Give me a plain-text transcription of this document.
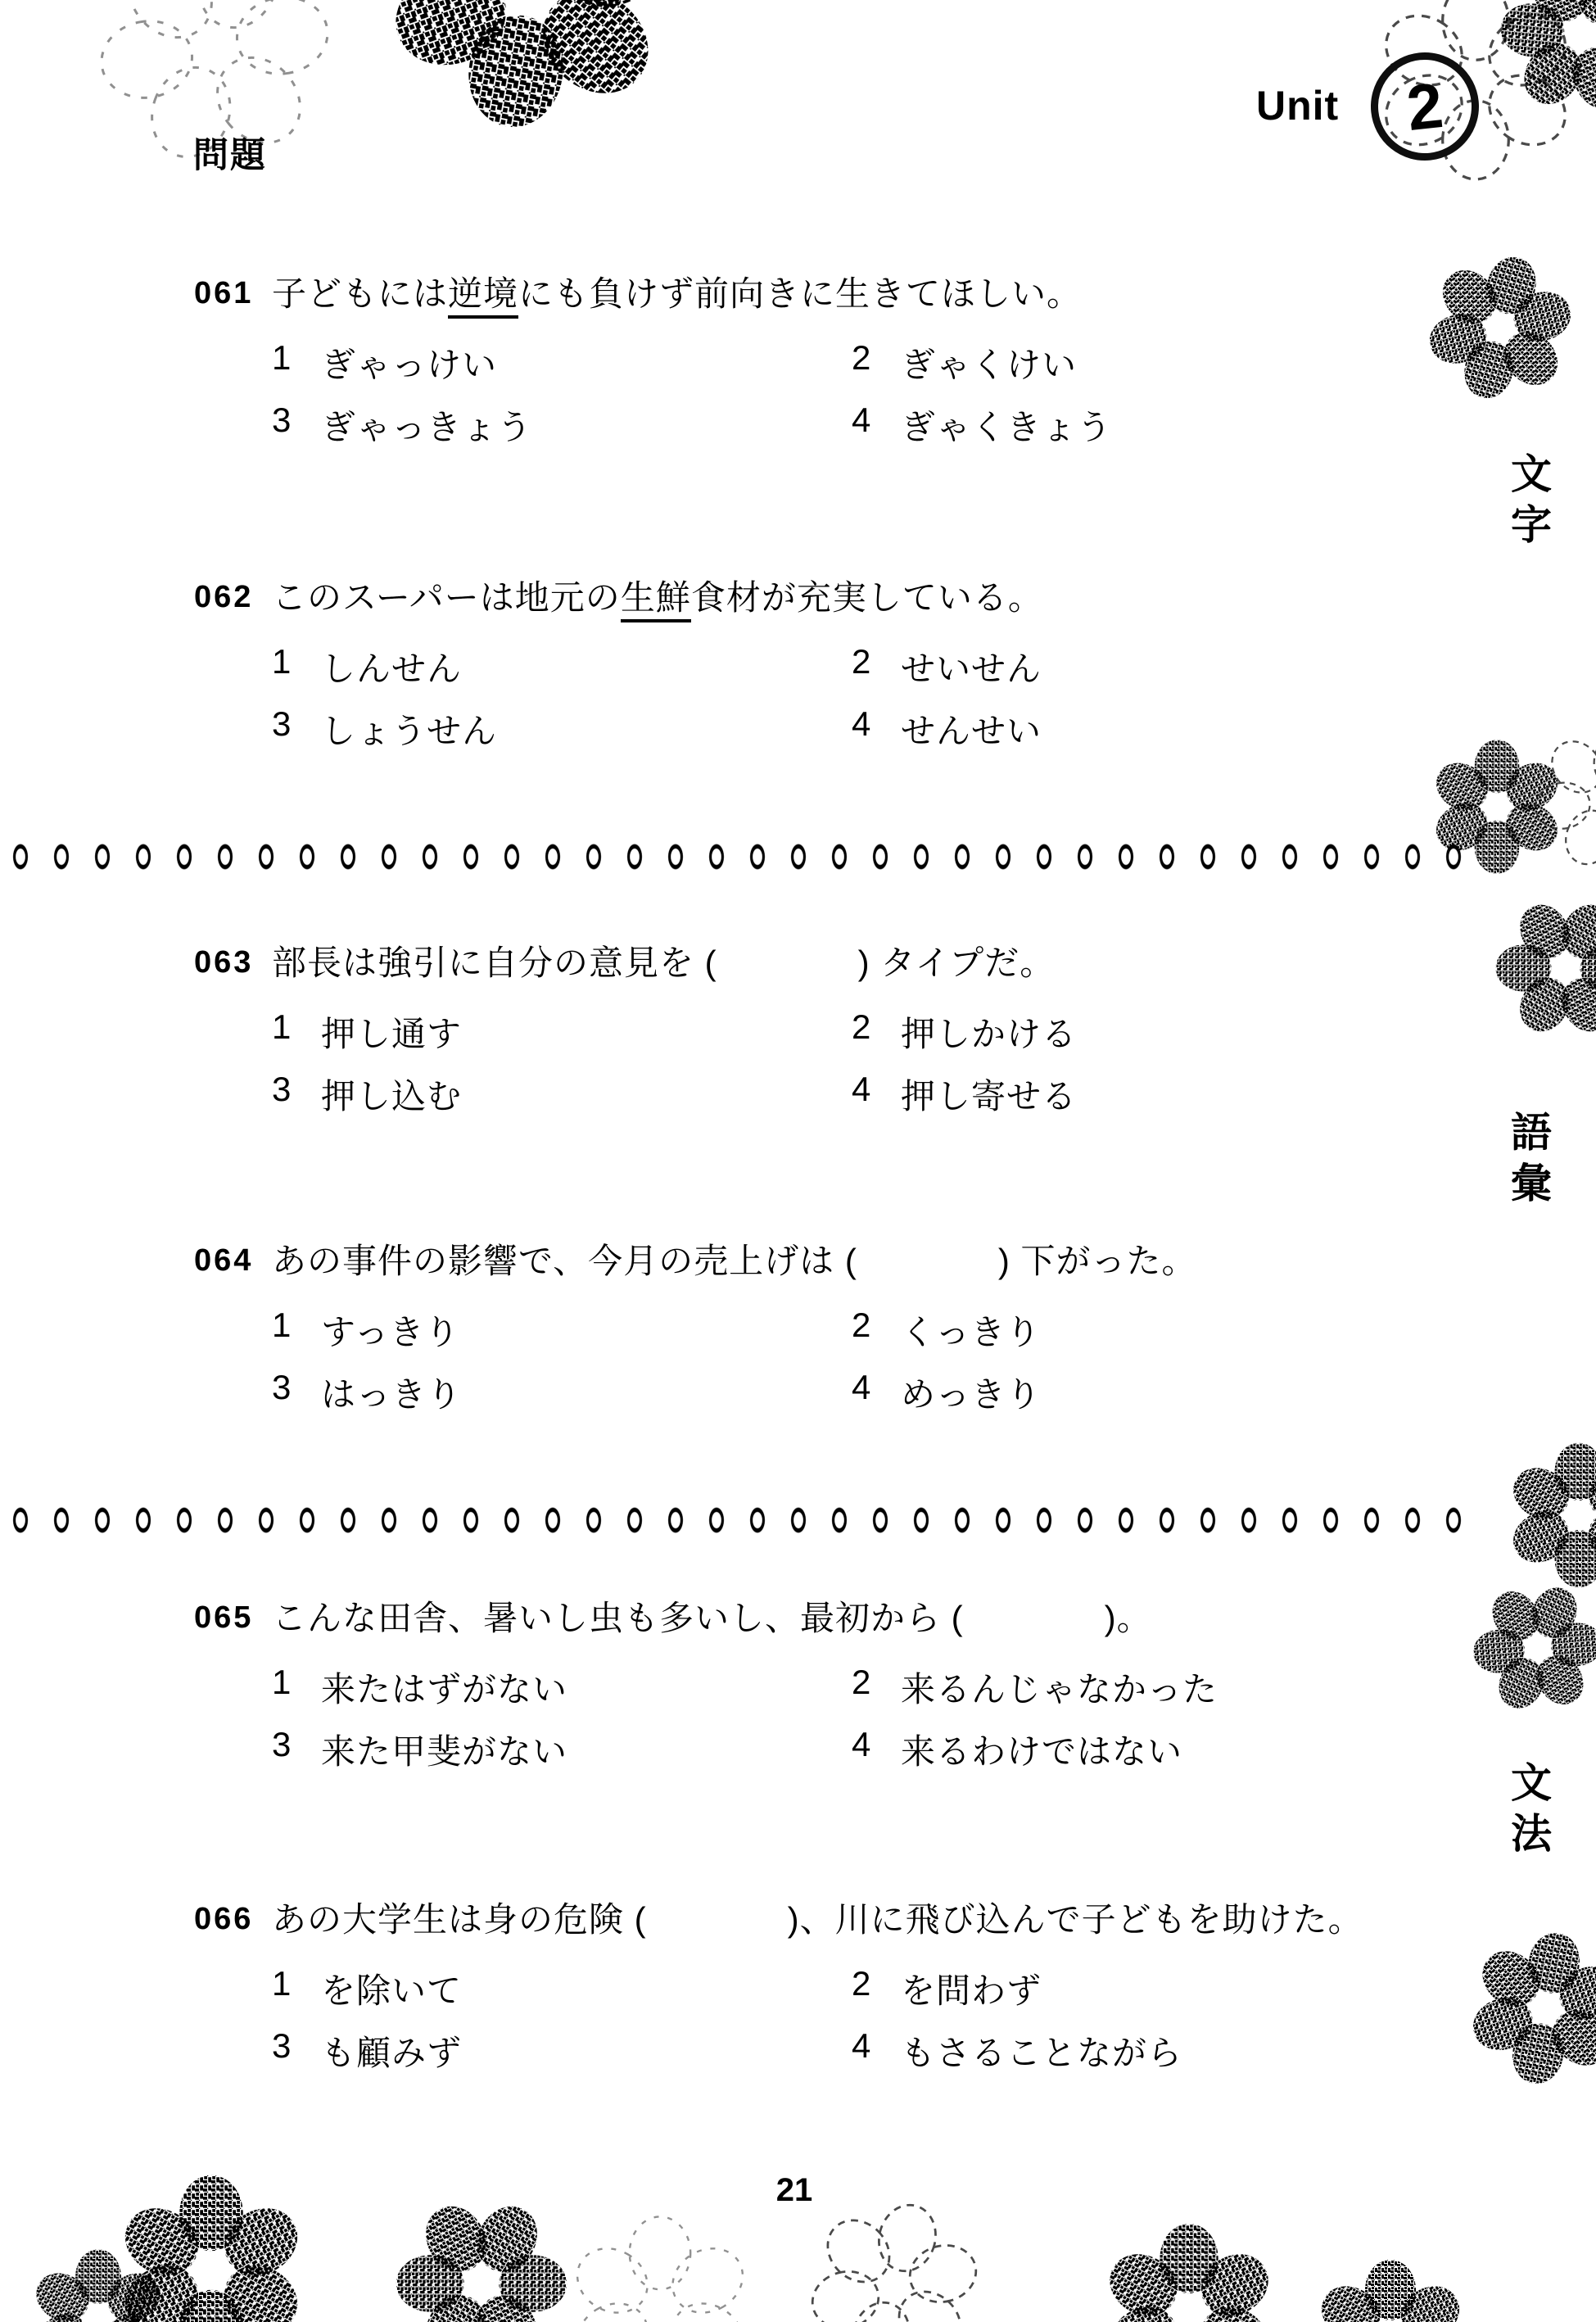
Unit 2
問題
文字
語彙
文法
061 子どもには逆境にも負けず前向きに生きてほしい。
1 ぎゃっけい	2 ぎゃくけい
3 ぎゃっきょう	4 ぎゃくきょう
062 このスーパーは地元の生鮮食材が充実している。
1 しんせん	2 せいせん
3 しょうせん	4 せんせい
063 部長は強引に自分の意見を (　　　　) タイプだ。
1 押し通す	2 押しかける
3 押し込む	4 押し寄せる
064 あの事件の影響で、今月の売上げは (　　　　) 下がった。
1 すっきり	2 くっきり
3 はっきり	4 めっきり
065 こんな田舎、暑いし虫も多いし、最初から (　　　　)。
1 来たはずがない	2 来るんじゃなかった
3 来た甲斐がない	4 来るわけではない
066 あの大学生は身の危険 (　　　　)、川に飛び込んで子どもを助けた。
1 を除いて	2 を問わず
3 も顧みず	4 もさることながら
21
